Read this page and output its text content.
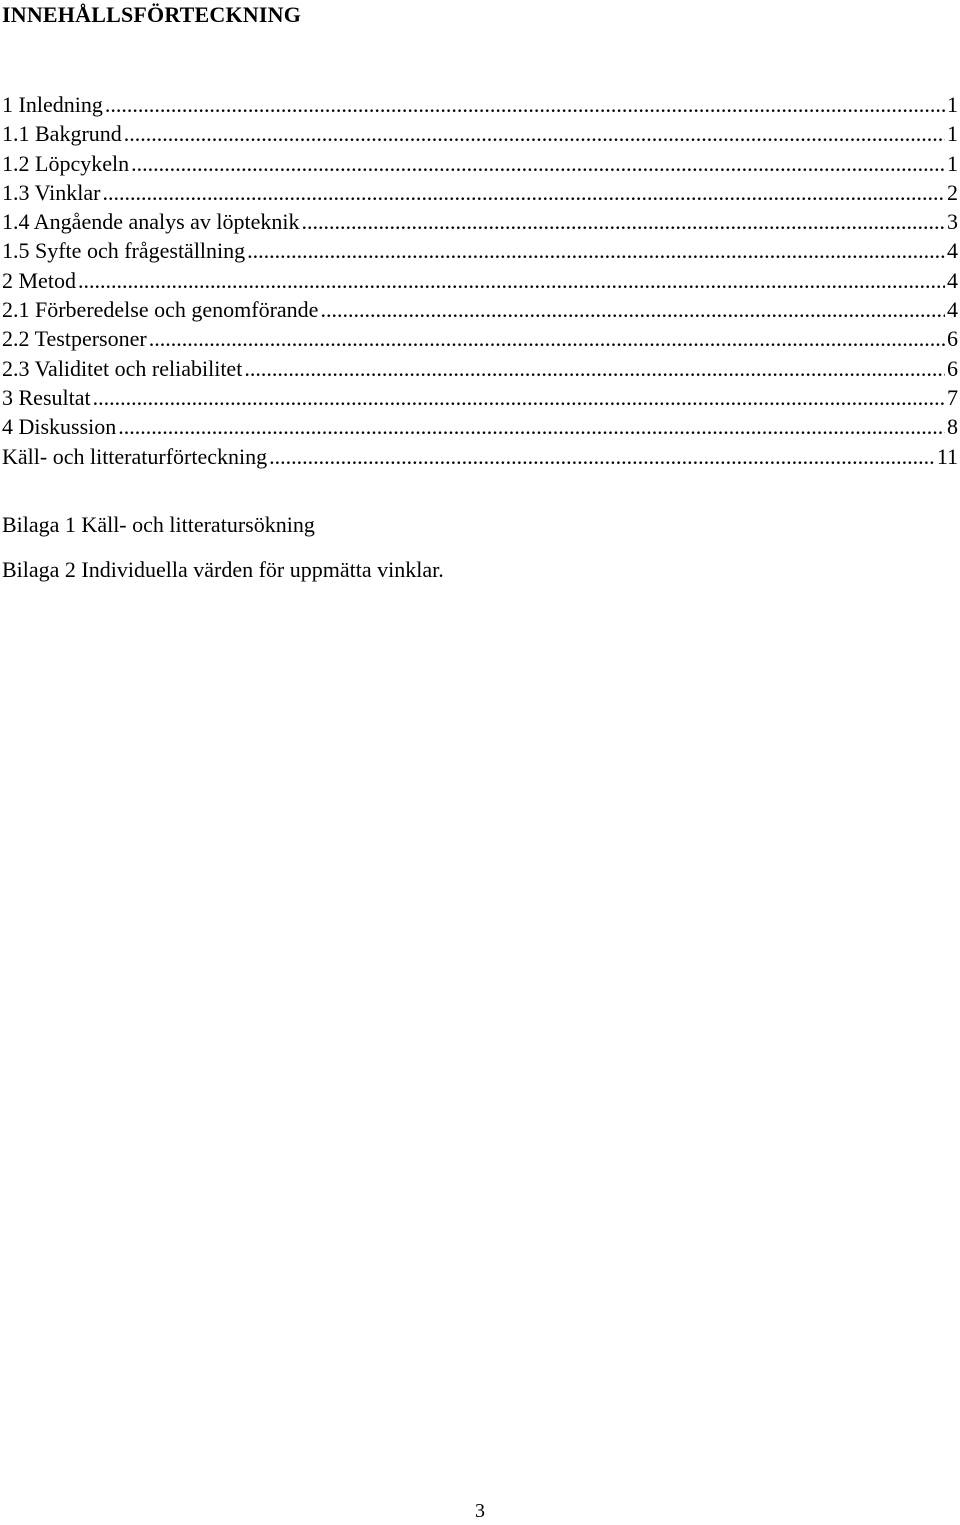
INNEHÅLLSFÖRTECKNING
1 Inledning .....	1
1.1 Bakgrund .....	1
1.2 Löpcykeln .....	1
1.3 Vinklar .....	2
1.4 Angående analys av löpteknik .....	3
1.5 Syfte och frågeställning .....	4
2 Metod .....	4
2.1 Förberedelse och genomförande .....	4
2.2 Testpersoner .....	6
2.3 Validitet och reliabilitet .....	6
3 Resultat .....	7
4 Diskussion .....	8
Käll- och litteraturförteckning .....	11
Bilaga 1 Käll- och litteratursökning
Bilaga 2 Individuella värden för uppmätta vinklar.
3
